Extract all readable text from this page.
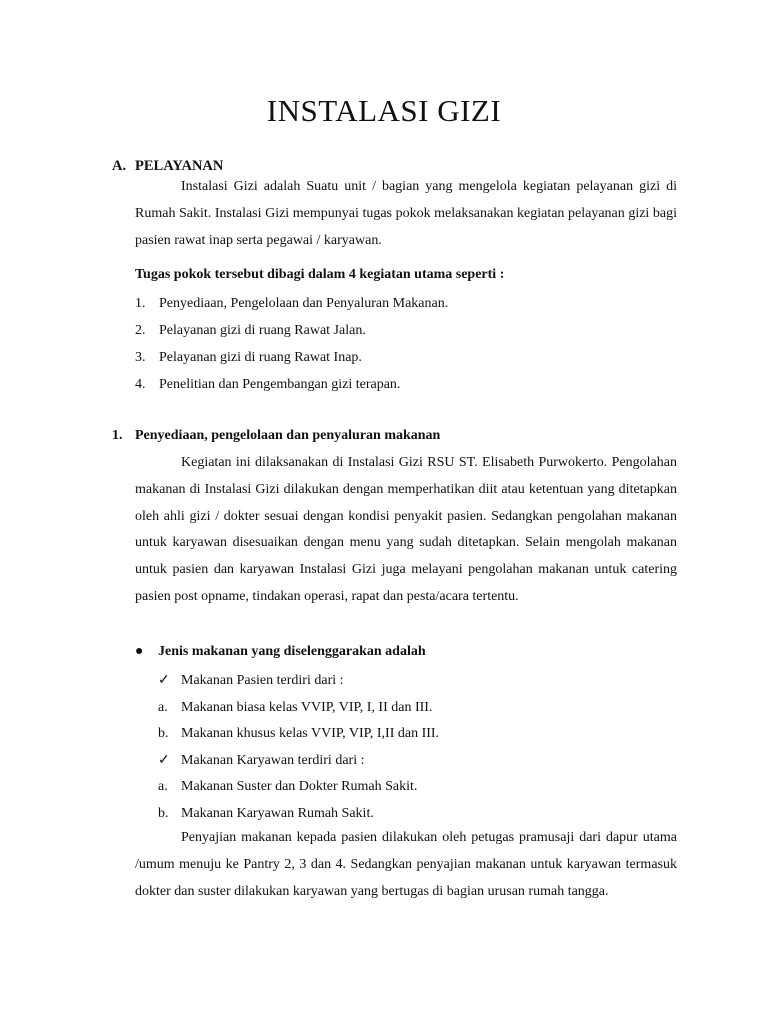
INSTALASI GIZI
A. PELAYANAN

Instalasi Gizi adalah Suatu unit / bagian yang mengelola kegiatan pelayanan gizi di Rumah Sakit. Instalasi Gizi mempunyai tugas pokok melaksanakan kegiatan pelayanan gizi bagi pasien rawat inap serta pegawai / karyawan.

Tugas pokok tersebut dibagi dalam 4 kegiatan utama seperti :
1. Penyediaan, Pengelolaan dan Penyaluran Makanan.
2. Pelayanan gizi di ruang Rawat Jalan.
3. Pelayanan gizi di ruang Rawat Inap.
4. Penelitian dan Pengembangan gizi terapan.
1. Penyediaan, pengelolaan dan penyaluran makanan

Kegiatan ini dilaksanakan di Instalasi Gizi RSU ST. Elisabeth Purwokerto. Pengolahan makanan di Instalasi Gizi dilakukan dengan memperhatikan diit atau ketentuan yang ditetapkan oleh ahli gizi / dokter sesuai dengan kondisi penyakit pasien. Sedangkan pengolahan makanan untuk karyawan disesuaikan dengan menu yang sudah ditetapkan. Selain mengolah makanan untuk pasien dan karyawan Instalasi Gizi juga melayani pengolahan makanan untuk catering pasien post opname, tindakan operasi, rapat dan pesta/acara tertentu.

● Jenis makanan yang diselenggarakan adalah
✓ Makanan Pasien terdiri dari :
a. Makanan biasa kelas VVIP, VIP, I, II dan III.
b. Makanan khusus kelas VVIP, VIP, I,II dan III.
✓ Makanan Karyawan terdiri dari :
a. Makanan Suster dan Dokter Rumah Sakit.
b. Makanan Karyawan Rumah Sakit.

Penyajian makanan kepada pasien dilakukan oleh petugas pramusaji dari dapur utama /umum menuju ke Pantry 2, 3 dan 4. Sedangkan penyajian makanan untuk karyawan termasuk dokter dan suster dilakukan karyawan yang bertugas di bagian urusan rumah tangga.
